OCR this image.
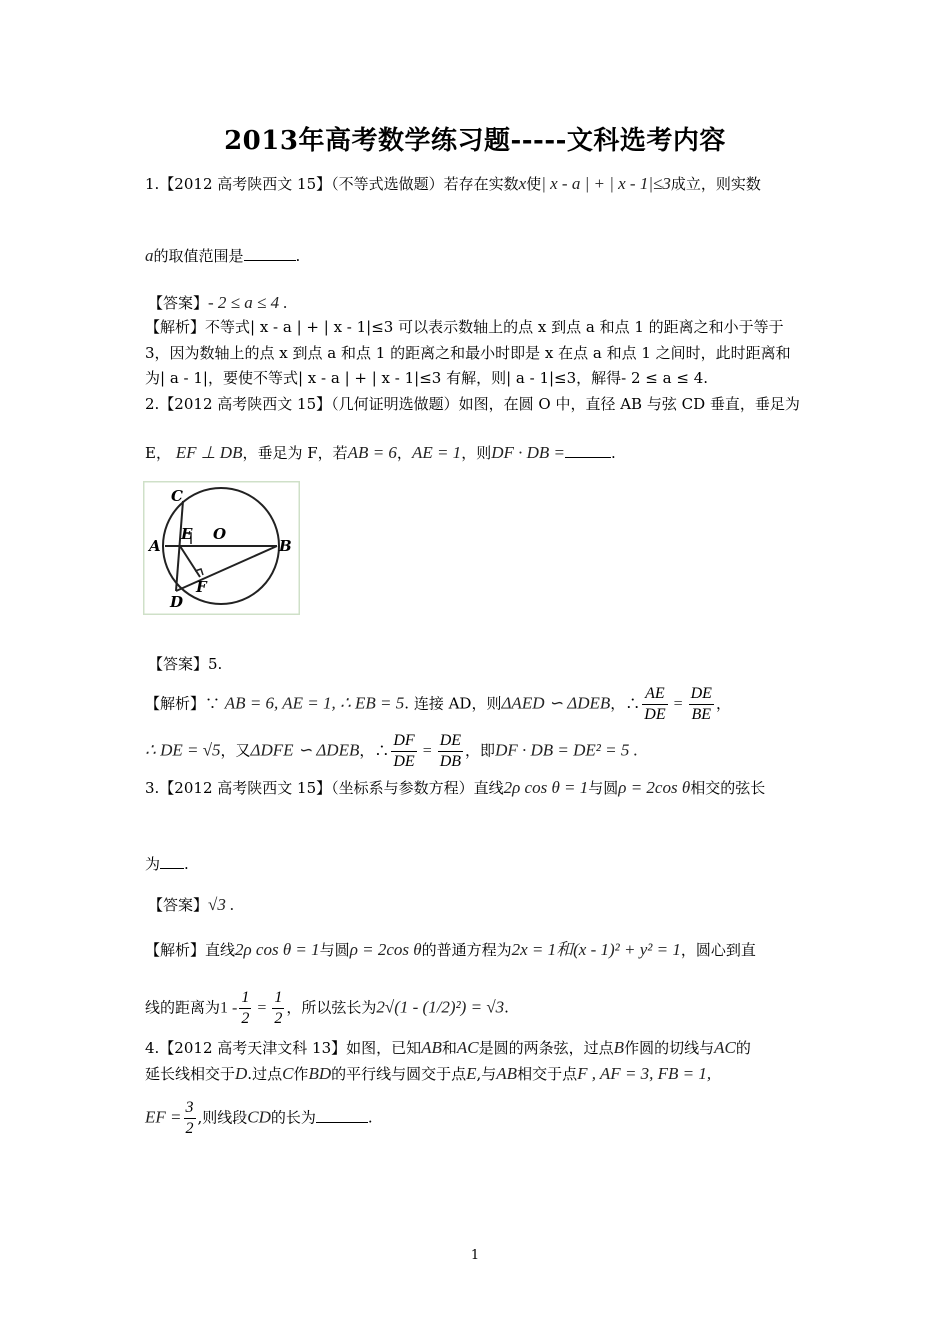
2013年高考数学练习题-----文科选考内容
1.【2012 高考陕西文 15】（不等式选做题）若存在实数x使| x - a | + | x - 1|≤3成立，则实数
a的取值范围是	.
【答案】- 2 ≤ a ≤ 4 .
【解析】不等式| x - a | + | x - 1|≤3 可以表示数轴上的点 x 到点 a 和点 1 的距离之和小于等于
3，因为数轴上的点 x 到点 a 和点 1 的距离之和最小时即是 x 在点 a 和点 1 之间时，此时距离和
为| a - 1|，要使不等式| x - a | + | x - 1|≤3 有解，则| a - 1|≤3，解得- 2 ≤ a ≤ 4.
2.【2012 高考陕西文 15】（几何证明选做题）如图，在圆 O 中，直径 AB 与弦 CD 垂直，垂足为
E， EF ⊥ DB，垂足为 F，若AB = 6，AE = 1，则DF · DB =	.
C
E O
A	B
D
F
【答案】5.
【解析】∵ AB = 6, AE = 1, ∴ EB = 5. 连接 AD，则ΔAED ∽ ΔDEB，∴ $\frac{AE}{DE} = \frac{DE}{BE}$ ，
∴ DE = √5，又ΔDFE ∽ ΔDEB，∴ $\frac{DF}{DE} = \frac{DE}{DB}$ ，即DF · DB = DE² = 5 .
3.【2012 高考陕西文 15】（坐标系与参数方程）直线2ρ cos θ = 1与圆ρ = 2cos θ相交的弦长
为 .
【答案】√3 .
【解析】直线2ρ cos θ = 1与圆ρ = 2cos θ的普通方程为2x = 1和(x - 1)² + y² = 1，圆心到直
线的距离为$1 - \frac{1}{2} = \frac{1}{2}$ ，所以弦长为2√(1 - (1/2)²) = √3.
4.【2012 高考天津文科 13】如图，已知AB和AC是圆的两条弦，过点B作圆的切线与AC的
延长线相交于D.过点C作BD的平行线与圆交于点E,与AB相交于点F , AF = 3, FB = 1,
EF = $\frac{3}{2}$ ,则线段CD的长为	.
1
